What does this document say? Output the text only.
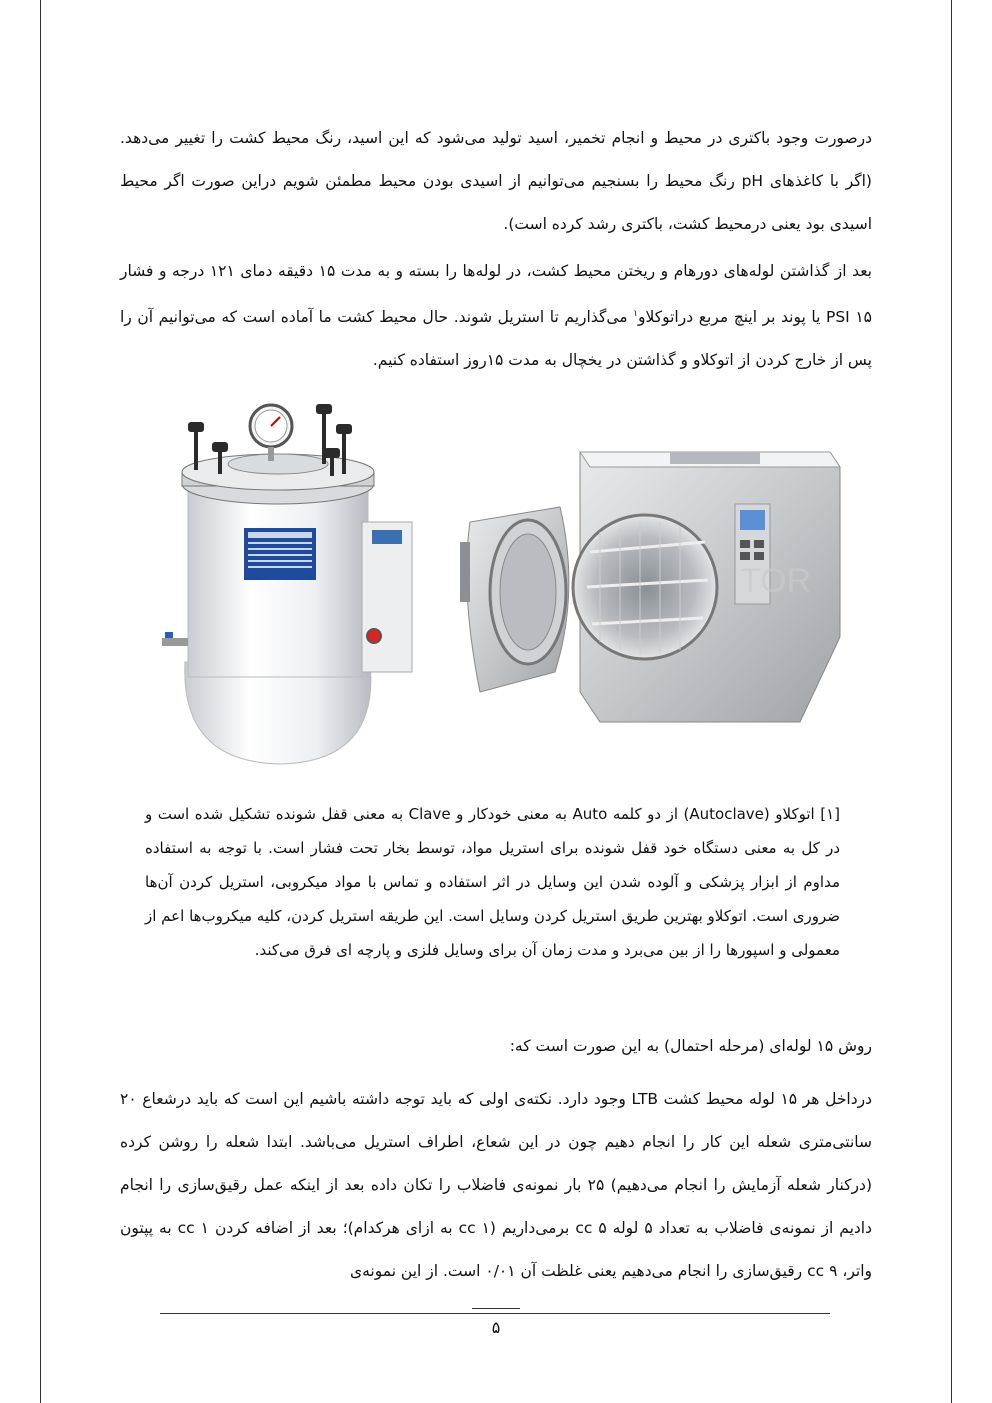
درصورت وجود باکتری در محیط و انجام تخمیر، اسید تولید می‌شود که این اسید، رنگ محیط کشت را تغییر می‌دهد. (اگر با کاغذهای pH رنگ محیط را بسنجیم می‌توانیم از اسیدی بودن محیط مطمئن شویم دراین صورت اگر محیط اسیدی بود یعنی درمحیط کشت، باکتری رشد کرده است).

بعد از گذاشتن لوله‌های دورهام و ریختن محیط کشت، در لوله‌ها را بسته و به مدت ۱۵ دقیقه دمای ۱۲۱ درجه و فشار PSI ۱۵ یا پوند بر اینچ مربع دراتوکلاو$^۱$ می‌گذاریم تا استریل شوند. حال محیط کشت ما آماده است که می‌توانیم آن را پس از خارج کردن از اتوکلاو و گذاشتن در یخچال به مدت ۱۵روز استفاده کنیم.

TOR

[۱] اتوکلاو (Autoclave) از دو کلمه Auto به معنی خودکار و Clave به معنی قفل شونده تشکیل شده است و در کل به معنی دستگاه خود قفل شونده برای استریل مواد، توسط بخار تحت فشار است. با توجه به استفاده مداوم از ابزار پزشکی و آلوده شدن این وسایل در اثر استفاده و تماس با مواد میکروبی، استریل کردن آن‌ها ضروری است. اتوکلاو بهترین طریق استریل کردن وسایل است. این طریقه استریل کردن، کلیه میکروب‌ها اعم از معمولی و اسپورها را از بین می‌برد و مدت زمان آن برای وسایل فلزی و پارچه ای فرق می‌کند.

روش ۱۵ لوله‌ای (مرحله احتمال) به این صورت است که:

درداخل هر ۱۵ لوله محیط کشت LTB وجود دارد. نکته‌ی اولی که باید توجه داشته باشیم این است که باید درشعاع ۲۰ سانتی‌متری شعله این کار را انجام دهیم چون در این شعاع، اطراف استریل می‌باشد. ابتدا شعله را روشن کرده (درکنار شعله آزمایش را انجام می‌دهیم) ۲۵ بار نمونه‌ی فاضلاب را تکان داده بعد از اینکه عمل رقیق‌سازی را انجام دادیم از نمونه‌ی فاضلاب به تعداد ۵ لوله cc ۵ برمی‌داریم (cc ۱ به ازای هرکدام)؛ بعد از اضافه کردن cc ۱ به پپتون واتر، cc ۹ رقیق‌سازی را انجام می‌دهیم یعنی غلظت آن ۰/۰۱ است. از این نمونه‌ی

۵
